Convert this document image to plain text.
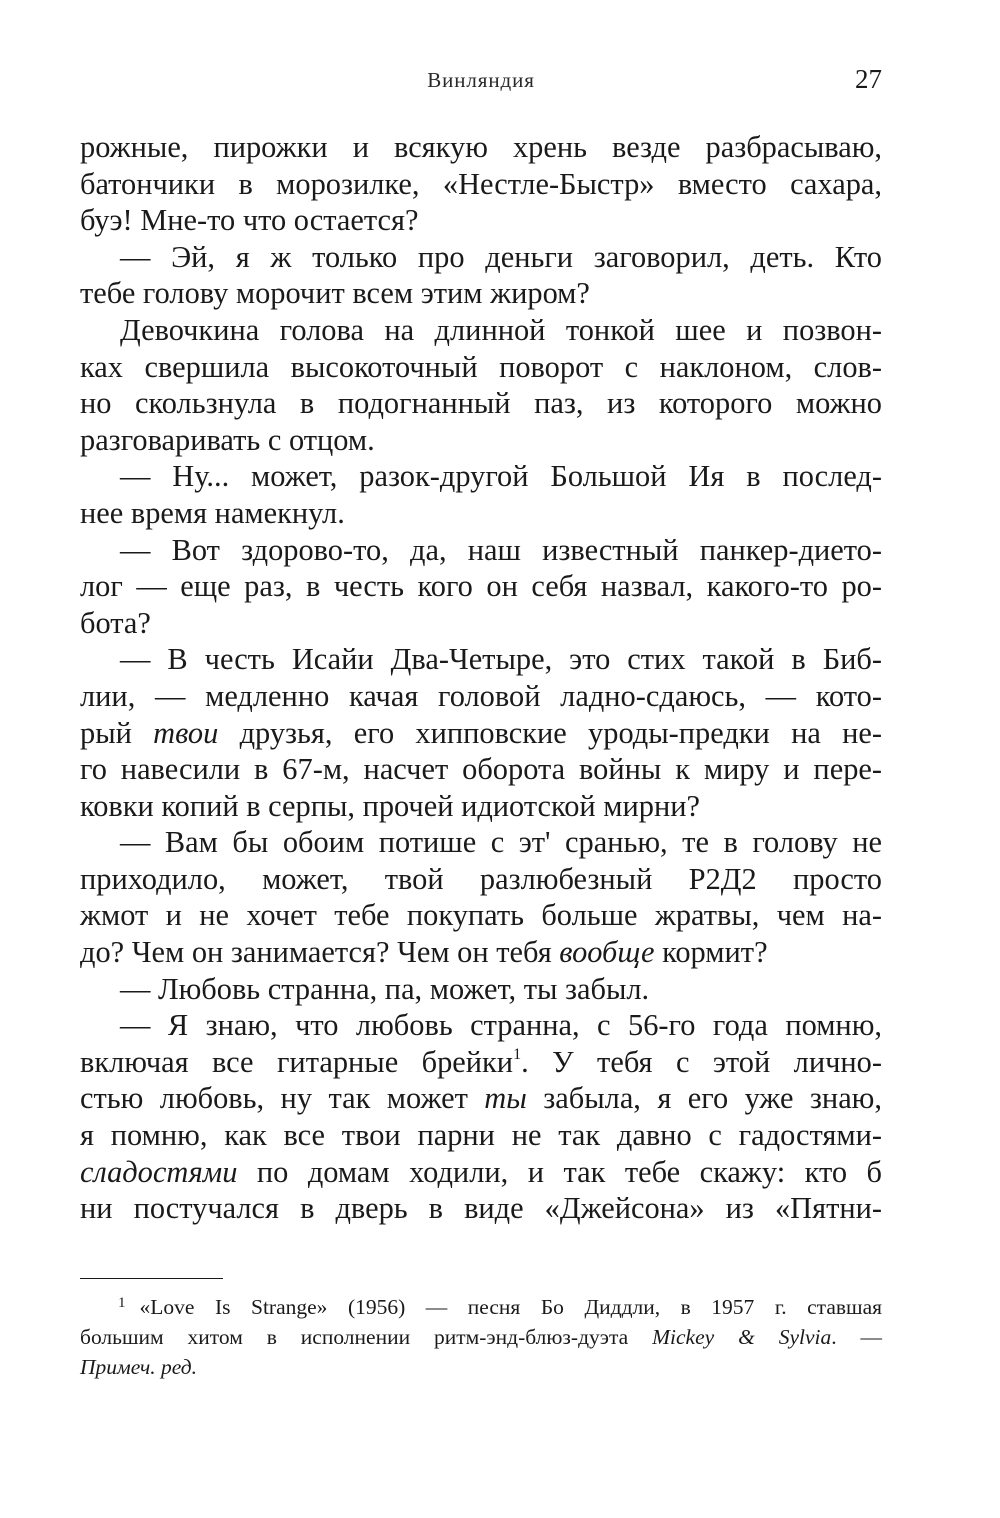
Винляндия	27
рожные, пирожки и всякую хрень везде разбрасываю,
батончики в морозилке, «Нестле-Быстр» вместо сахара,
буэ! Мне-то что остается?
— Эй, я ж только про деньги заговорил, деть. Кто
тебе голову морочит всем этим жиром?
Девочкина голова на длинной тонкой шее и позвон-
ках свершила высокоточный поворот с наклоном, слов-
но скользнула в подогнанный паз, из которого можно
разговаривать с отцом.
— Ну... может, разок-другой Большой Ия в послед-
нее время намекнул.
— Вот здорово-то, да, наш известный панкер-дието-
лог — еще раз, в честь кого он себя назвал, какого-то ро-
бота?
— В честь Исайи Два-Четыре, это стих такой в Биб-
лии, — медленно качая головой ладно-сдаюсь, — кото-
рый твои друзья, его хипповские уроды-предки на не-
го навесили в 67-м, насчет оборота войны к миру и пере-
ковки копий в серпы, прочей идиотской мирни?
— Вам бы обоим потише с эт' сранью, те в голову не
приходило, может, твой разлюбезный Р2Д2 просто
жмот и не хочет тебе покупать больше жратвы, чем на-
до? Чем он занимается? Чем он тебя вообще кормит?
— Любовь странна, па, может, ты забыл.
— Я знаю, что любовь странна, с 56-го года помню,
включая все гитарные брейки$^1$. У тебя с этой лично-
стью любовь, ну так может ты забыла, я его уже знаю,
я помню, как все твои парни не так давно с гадостями-
сладостями по домам ходили, и так тебе скажу: кто б
ни постучался в дверь в виде «Джейсона» из «Пятни-
$^1$ «Love Is Strange» (1956) — песня Бо Диддли, в 1957 г. ставшая
большим хитом в исполнении ритм-энд-блюз-дуэта Mickey & Sylvia. —
Примеч. ред.
